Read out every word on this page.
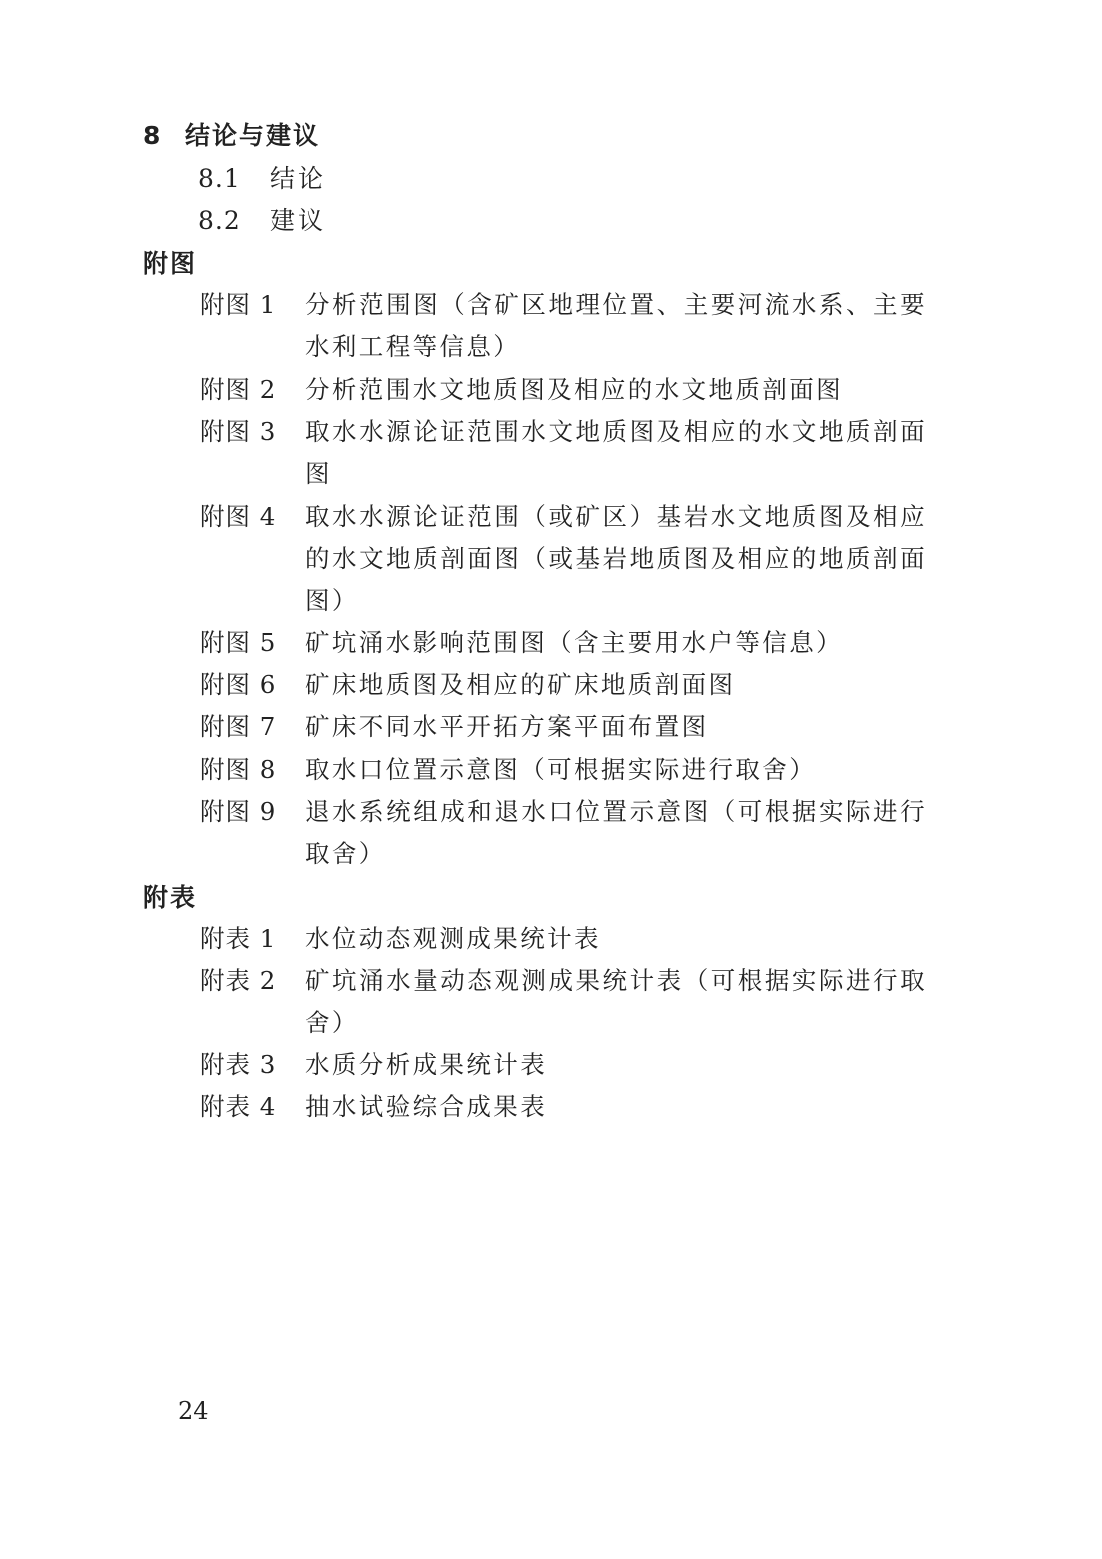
8 结论与建议
8.1 结论
8.2 建议
附图
附图 1 分析范围图（含矿区地理位置、主要河流水系、主要水利工程等信息）
附图 2 分析范围水文地质图及相应的水文地质剖面图
附图 3 取水水源论证范围水文地质图及相应的水文地质剖面图
附图 4 取水水源论证范围（或矿区）基岩水文地质图及相应的水文地质剖面图（或基岩地质图及相应的地质剖面图）
附图 5 矿坑涌水影响范围图（含主要用水户等信息）
附图 6 矿床地质图及相应的矿床地质剖面图
附图 7 矿床不同水平开拓方案平面布置图
附图 8 取水口位置示意图（可根据实际进行取舍）
附图 9 退水系统组成和退水口位置示意图（可根据实际进行取舍）
附表
附表 1 水位动态观测成果统计表
附表 2 矿坑涌水量动态观测成果统计表（可根据实际进行取舍）
附表 3 水质分析成果统计表
附表 4 抽水试验综合成果表
24
